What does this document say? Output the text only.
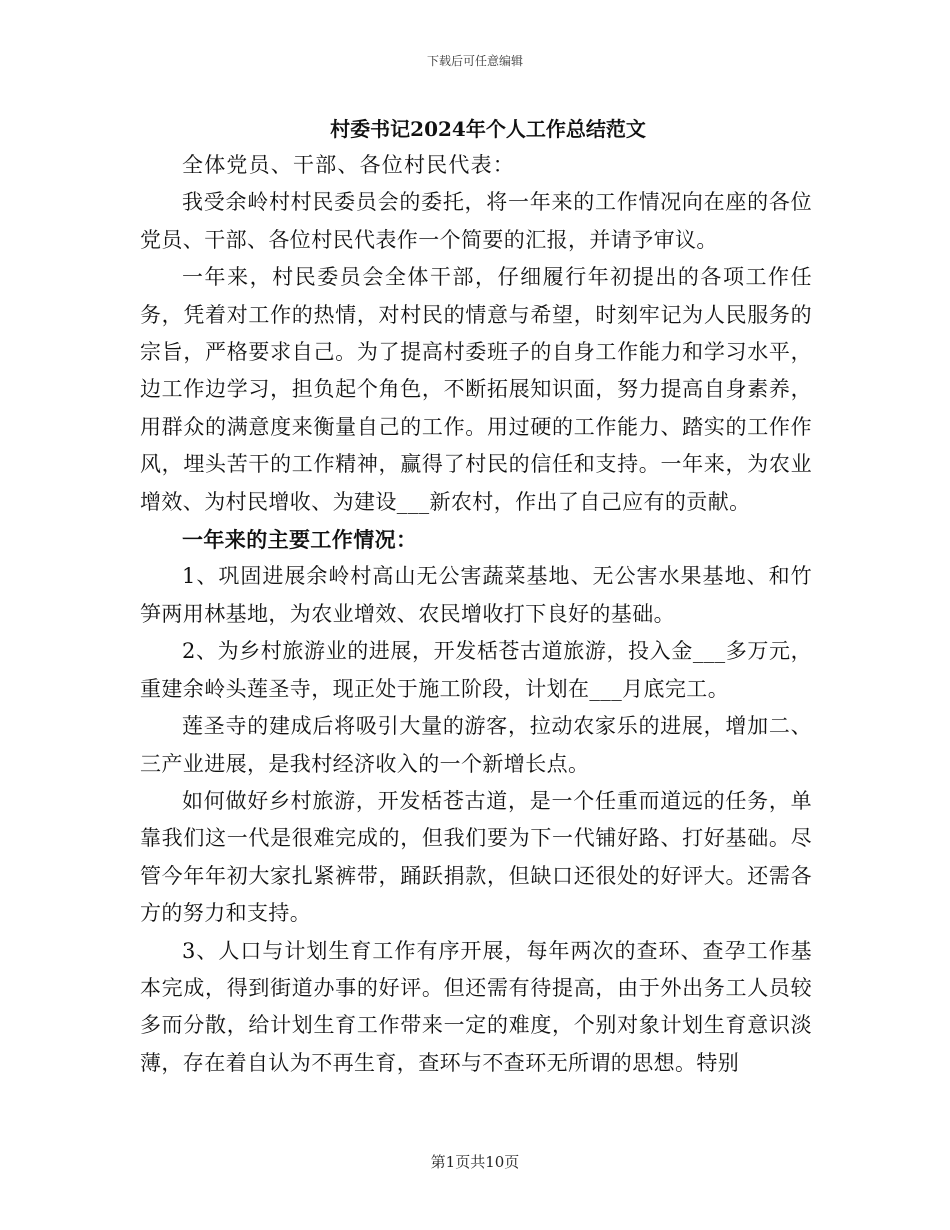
下载后可任意编辑
村委书记2024年个人工作总结范文

全体党员、干部、各位村民代表：

我受余岭村村民委员会的委托，将一年来的工作情况向在座的各位党员、干部、各位村民代表作一个简要的汇报，并请予审议。

一年来，村民委员会全体干部，仔细履行年初提出的各项工作任务，凭着对工作的热情，对村民的情意与希望，时刻牢记为人民服务的宗旨，严格要求自己。为了提高村委班子的自身工作能力和学习水平，边工作边学习，担负起个角色，不断拓展知识面，努力提高自身素养，用群众的满意度来衡量自己的工作。用过硬的工作能力、踏实的工作作风，埋头苦干的工作精神，赢得了村民的信任和支持。一年来，为农业增效、为村民增收、为建设___新农村，作出了自己应有的贡献。

一年来的主要工作情况：

1、巩固进展余岭村高山无公害蔬菜基地、无公害水果基地、和竹笋两用林基地，为农业增效、农民增收打下良好的基础。

2、为乡村旅游业的进展，开发栝苍古道旅游，投入金___多万元，重建余岭头莲圣寺，现正处于施工阶段，计划在___月底完工。

莲圣寺的建成后将吸引大量的游客，拉动农家乐的进展，增加二、三产业进展，是我村经济收入的一个新增长点。

如何做好乡村旅游，开发栝苍古道，是一个任重而道远的任务，单靠我们这一代是很难完成的，但我们要为下一代铺好路、打好基础。尽管今年年初大家扎紧裤带，踊跃捐款，但缺口还很处的好评大。还需各方的努力和支持。

3、人口与计划生育工作有序开展，每年两次的查环、查孕工作基本完成，得到街道办事的好评。但还需有待提高，由于外出务工人员较多而分散，给计划生育工作带来一定的难度，个别对象计划生育意识淡薄，存在着自认为不再生育，查环与不查环无所谓的思想。特别

第1页共10页
